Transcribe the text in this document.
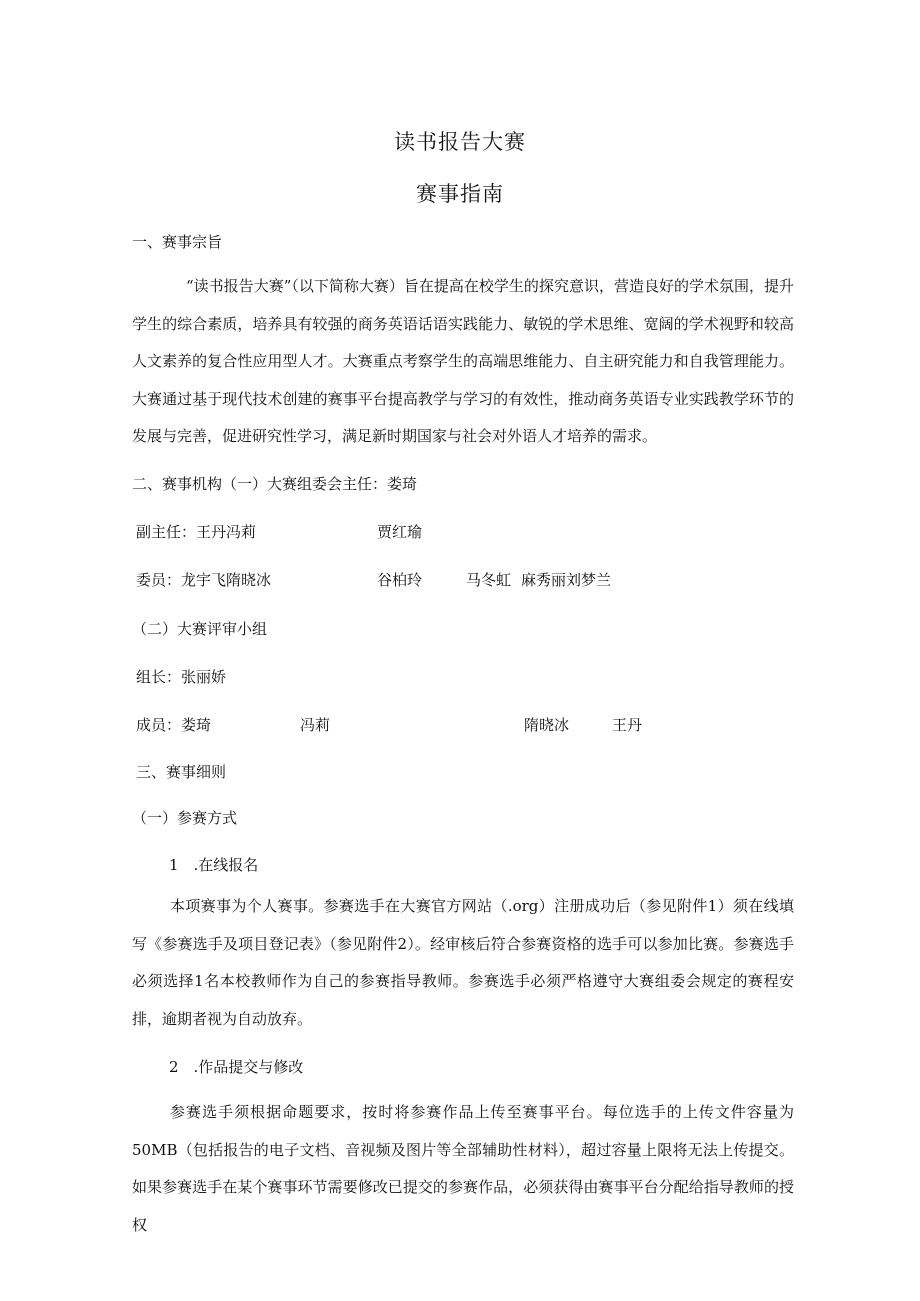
读书报告大赛
赛事指南
一、赛事宗旨
“读书报告大赛”（以下简称大赛）旨在提高在校学生的探究意识，营造良好的学术氛围，提升学生的综合素质，培养具有较强的商务英语话语实践能力、敏锐的学术思维、宽阔的学术视野和较高人文素养的复合性应用型人才。大赛重点考察学生的高端思维能力、自主研究能力和自我管理能力。大赛通过基于现代技术创建的赛事平台提高教学与学习的有效性，推动商务英语专业实践教学环节的发展与完善，促进研究性学习，满足新时期国家与社会对外语人才培养的需求。
二、赛事机构（一）大赛组委会主任：娄琦
副主任：王丹冯莉	贾红瑜
委员：龙宇飞隋晓冰	谷柏玲	马冬虹 麻秀丽刘梦兰
（二）大赛评审小组
组长：张丽娇
成员：娄琦	冯莉	隋晓冰	王丹
三、赛事细则
（一）参赛方式
1　.在线报名
本项赛事为个人赛事。参赛选手在大赛官方网站（.org）注册成功后（参见附件1）须在线填写《参赛选手及项目登记表》（参见附件2）。经审核后符合参赛资格的选手可以参加比赛。参赛选手必须选择1名本校教师作为自己的参赛指导教师。参赛选手必须严格遵守大赛组委会规定的赛程安排，逾期者视为自动放弃。
2　.作品提交与修改
参赛选手须根据命题要求，按时将参赛作品上传至赛事平台。每位选手的上传文件容量为50MB（包括报告的电子文档、音视频及图片等全部辅助性材料），超过容量上限将无法上传提交。如果参赛选手在某个赛事环节需要修改已提交的参赛作品，必须获得由赛事平台分配给指导教师的授权
